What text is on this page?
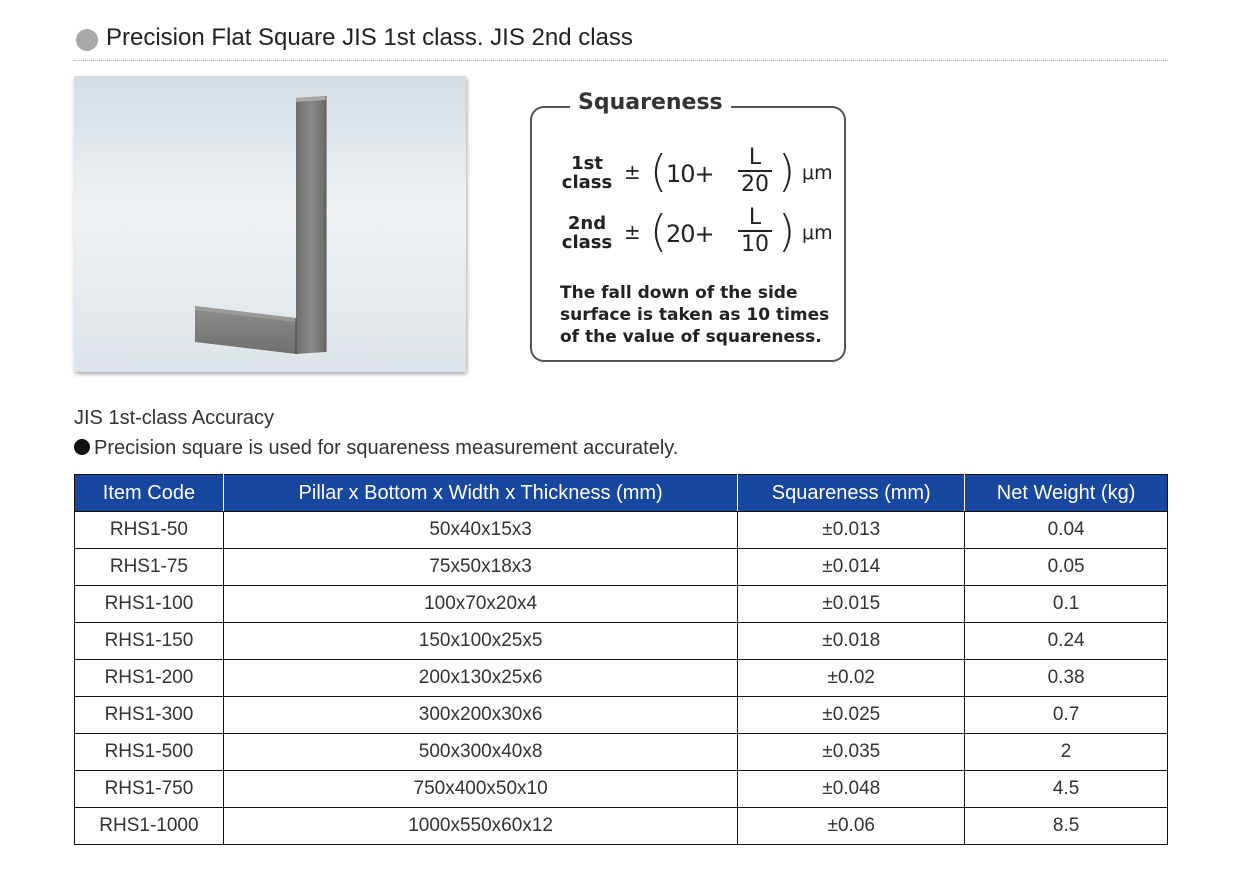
Precision Flat Square JIS 1st class. JIS 2nd class
Squareness
1st
class ± (
$10+ \frac{L}{20}$ ) μm
2nd
class ± (
$20+ \frac{L}{10}$ ) μm
The fall down of the side
surface is taken as 10 times
of the value of squareness.
JIS 1st-class Accuracy
Precision square is used for squareness measurement accurately.
Item Code	Pillar x Bottom x Width x Thickness (mm)	Squareness (mm)	Net Weight (kg)
RHS1-50	50x40x15x3	±0.013	0.04
RHS1-75	75x50x18x3	±0.014	0.05
RHS1-100	100x70x20x4	±0.015	0.1
RHS1-150	150x100x25x5	±0.018	0.24
RHS1-200	200x130x25x6	±0.02	0.38
RHS1-300	300x200x30x6	±0.025	0.7
RHS1-500	500x300x40x8	±0.035	2
RHS1-750	750x400x50x10	±0.048	4.5
RHS1-1000	1000x550x60x12	±0.06	8.5
